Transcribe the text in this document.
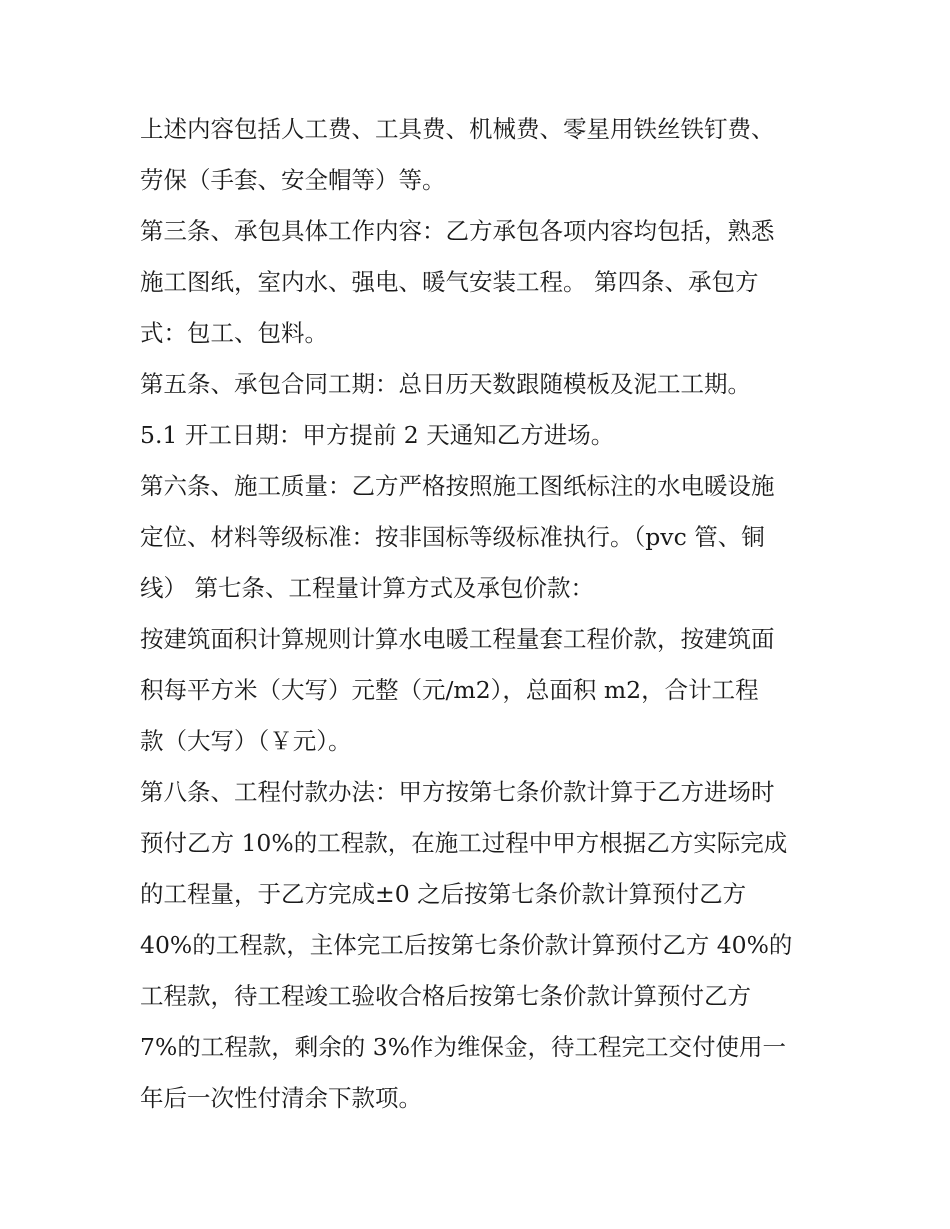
上述内容包括人工费、工具费、机械费、零星用铁丝铁钉费、
劳保（手套、安全帽等）等。
第三条、承包具体工作内容：乙方承包各项内容均包括，熟悉
施工图纸，室内水、强电、暖气安装工程。 第四条、承包方
式：包工、包料。
第五条、承包合同工期：总日历天数跟随模板及泥工工期。
5.1 开工日期：甲方提前 2 天通知乙方进场。
第六条、施工质量：乙方严格按照施工图纸标注的水电暖设施
定位、材料等级标准：按非国标等级标准执行。（pvc 管、铜
线） 第七条、工程量计算方式及承包价款：
按建筑面积计算规则计算水电暖工程量套工程价款，按建筑面
积每平方米（大写）元整（元/m2），总面积 m2，合计工程
款（大写）（￥元）。
第八条、工程付款办法：甲方按第七条价款计算于乙方进场时
预付乙方 10%的工程款，在施工过程中甲方根据乙方实际完成
的工程量，于乙方完成±0 之后按第七条价款计算预付乙方
40%的工程款，主体完工后按第七条价款计算预付乙方 40%的
工程款，待工程竣工验收合格后按第七条价款计算预付乙方
7%的工程款，剩余的 3%作为维保金，待工程完工交付使用一
年后一次性付清余下款项。
